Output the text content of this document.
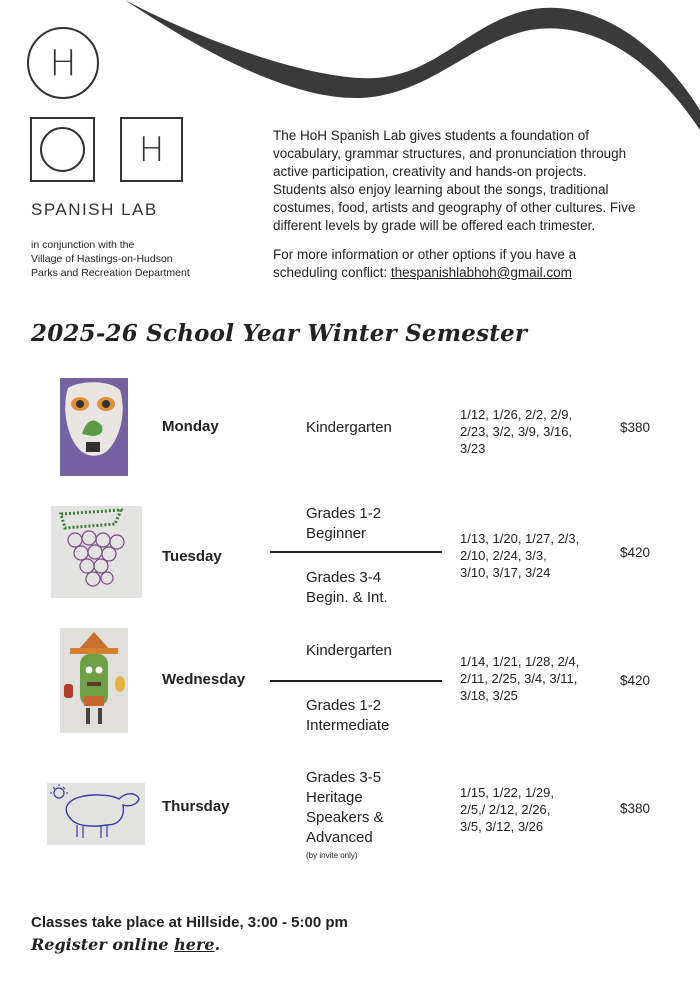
H
H
SPANISH LAB
in conjunction with the
Village of Hastings-on-Hudson
Parks and Recreation Department
The HoH Spanish Lab gives students a foundation of
vocabulary, grammar structures, and pronunciation through
active participation, creativity and hands-on projects.
Students also enjoy learning about the songs, traditional
costumes, food, artists and geography of other cultures. Five
different levels by grade will be offered each trimester.
For more information or other options if you have a
scheduling conflict: thespanishlabhoh@gmail.com
2025-26 School Year Winter Semester
Monday	Kindergarten
1/12, 1/26, 2/2, 2/9,
2/23, 3/2, 3/9, 3/16,
3/23
$380
Tuesday
Grades 1-2
Beginner
Grades 3-4
Begin. & Int.
1/13, 1/20, 1/27, 2/3,
2/10, 2/24, 3/3,
3/10, 3/17, 3/24
$420
Wednesday
Kindergarten
Grades 1-2
Intermediate
1/14, 1/21, 1/28, 2/4,
2/11, 2/25, 3/4, 3/11,
3/18, 3/25
$420
Thursday
Grades 3-5
Heritage
Speakers &
Advanced
(by invite only)
1/15, 1/22, 1/29,
2/5,/ 2/12, 2/26,
3/5, 3/12, 3/26
$380
Classes take place at Hillside, 3:00 - 5:00 pm
Register online here.
